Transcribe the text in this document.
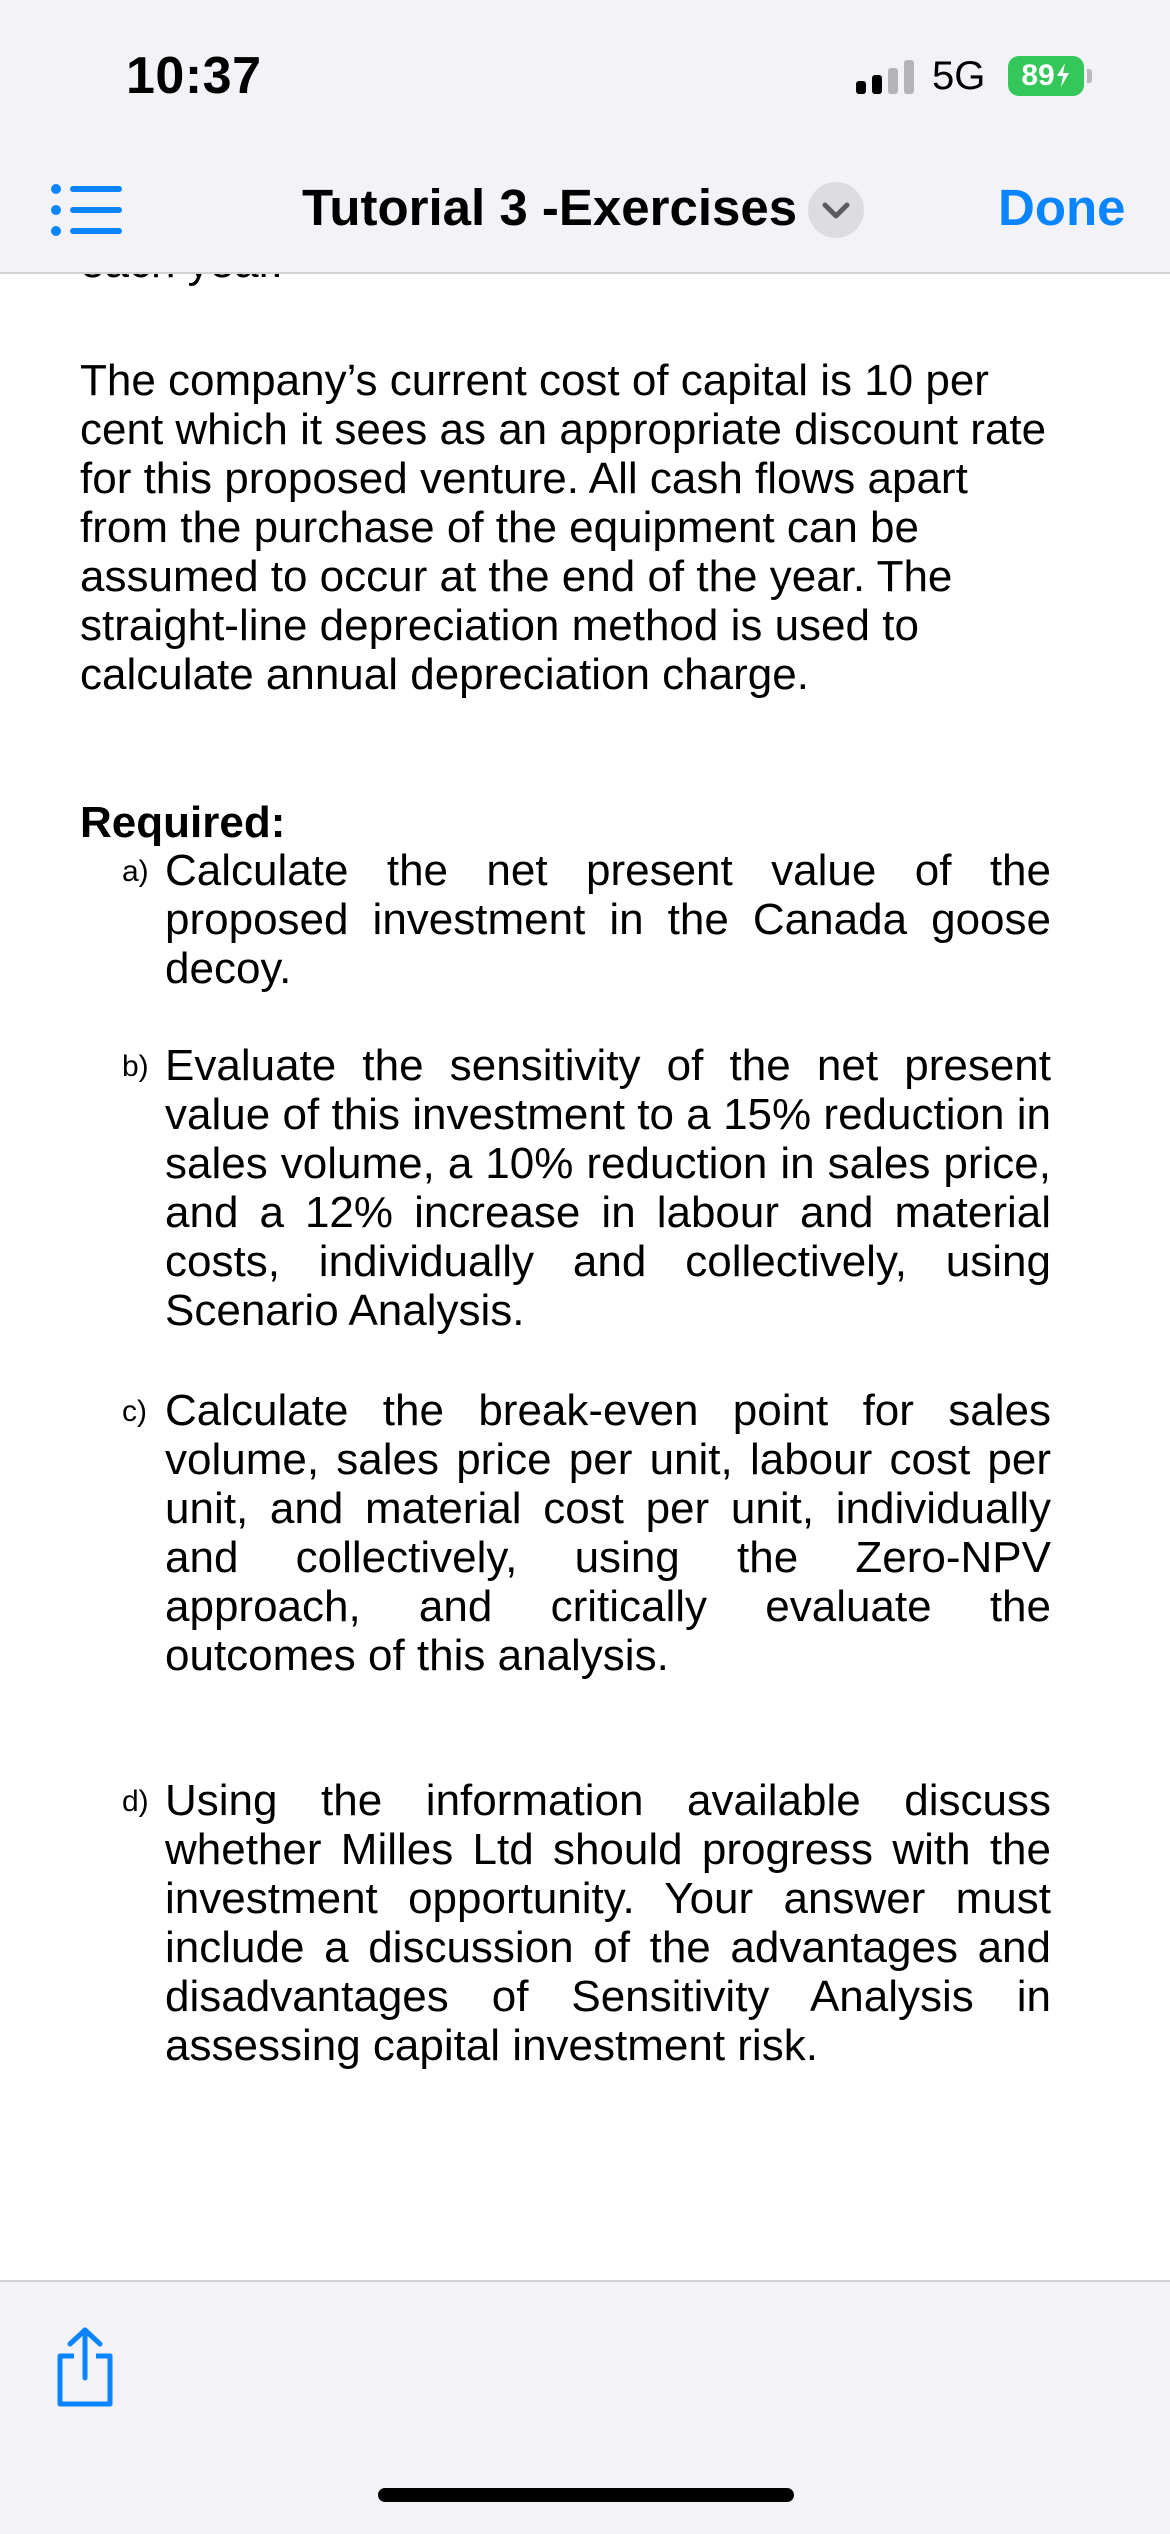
10:37	5G	89
Tutorial 3 -Exercises	Done
The company’s current cost of capital is 10 per cent which it sees as an appropriate discount rate for this proposed venture. All cash flows apart from the purchase of the equipment can be assumed to occur at the end of the year. The straight-line depreciation method is used to calculate annual depreciation charge.
Required:
a) Calculate the net present value of the proposed investment in the Canada goose decoy.
b) Evaluate the sensitivity of the net present value of this investment to a 15% reduction in sales volume, a 10% reduction in sales price, and a 12% increase in labour and material costs, individually and collectively, using Scenario Analysis.
c) Calculate the break-even point for sales volume, sales price per unit, labour cost per unit, and material cost per unit, individually and collectively, using the Zero-NPV approach, and critically evaluate the outcomes of this analysis.
d) Using the information available discuss whether Milles Ltd should progress with the investment opportunity. Your answer must include a discussion of the advantages and disadvantages of Sensitivity Analysis in assessing capital investment risk.
